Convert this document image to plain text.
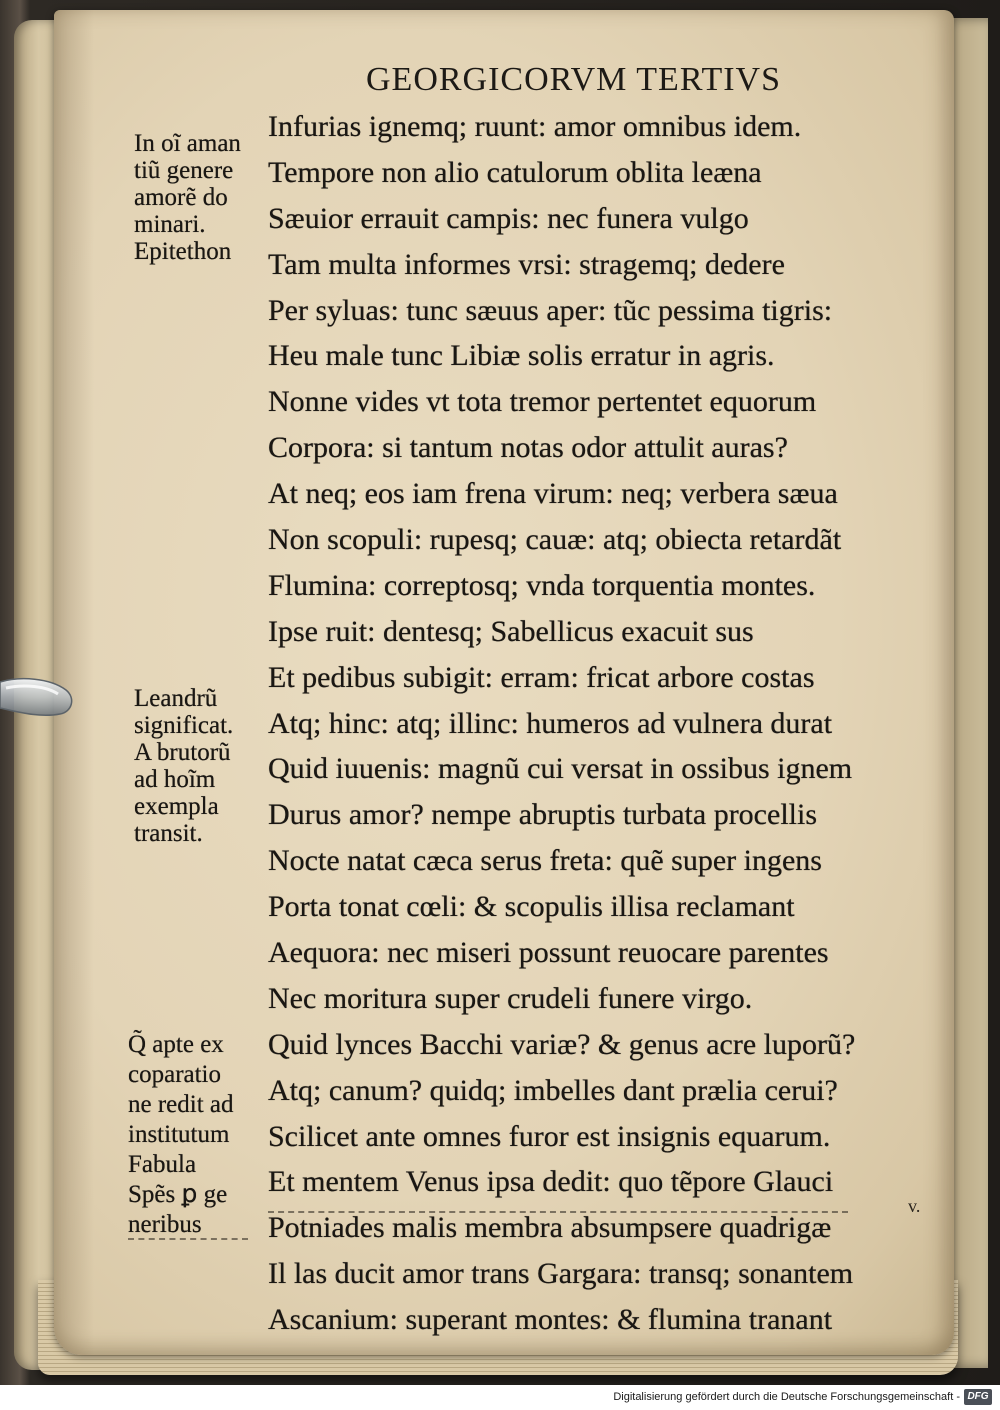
GEORGICORVM TERTIVS
Infurias ignemq; ruunt: amor omnibus idem.
Tempore non alio catulorum oblita leæna
Sæuior errauit campis: nec funera vulgo
Tam multa informes vrsi: stragemq; dedere
Per syluas: tunc sæuus aper: tũc pessima tigris:
Heu male tunc Libiæ solis erratur in agris.
Nonne vides vt tota tremor pertentet equorum
Corpora: si tantum notas odor attulit auras?
At neq; eos iam frena virum: neq; verbera sæua
Non scopuli: rupesq; cauæ: atq; obiecta retardãt
Flumina: correptosq; vnda torquentia montes.
Ipse ruit: dentesq; Sabellicus exacuit sus
Et pedibus subigit: erram: fricat arbore costas
Atq; hinc: atq; illinc: humeros ad vulnera durat
Quid iuuenis: magnũ cui versat in ossibus ignem
Durus amor? nempe abruptis turbata procellis
Nocte natat cæca serus freta: quẽ super ingens
Porta tonat cœli: & scopulis illisa reclamant
Aequora: nec miseri possunt reuocare parentes
Nec moritura super crudeli funere virgo.
Quid lynces Bacchi variæ? & genus acre luporũ?
Atq; canum? quidq; imbelles dant prælia cerui?
Scilicet ante omnes furor est insignis equarum.
Et mentem Venus ipsa dedit: quo tẽpore Glauci
Potniades malis membra absumpsere quadrigæ
Il las ducit amor trans Gargara: transq; sonantem
Ascanium: superant montes: & flumina tranant
In oĩ aman
tiũ genere
amorẽ do
minari.
Epitethon
Leandrũ
significat.
A brutorũ
ad hoĩm
exempla
transit.
Q̃ apte ex
coparatio
ne redit ad
institutum
Fabula
Spẽs ꝑ ge
neribus
v.
Digitalisierung gefördert durch die Deutsche Forschungsgemeinschaft - DFG
